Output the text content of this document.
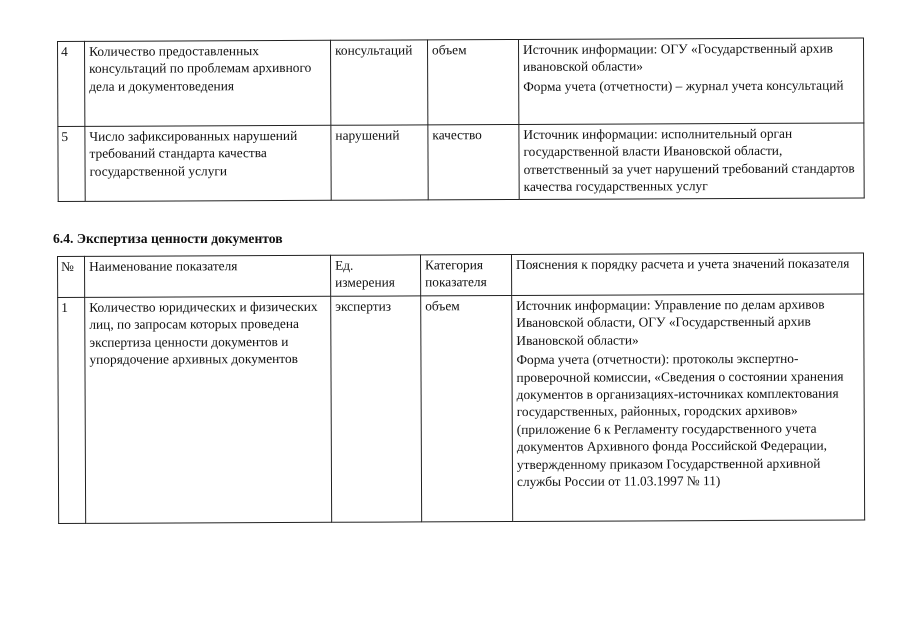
4	Количество предоставленных консультаций по проблемам архивного дела и документоведения	консультаций	объем	Источник информации: ОГУ «Государственный архив ивановской области»
Форма учета (отчетности) – журнал учета консультаций

5	Число зафиксированных нарушений требований стандарта качества государственной услуги	нарушений	качество	Источник информации: исполнительный орган государственной власти Ивановской области, ответственный за учет нарушений требований стандартов качества государственных услуг
6.4. Экспертиза ценности документов
№	Наименование показателя	Ед. измерения	Категория показателя	Пояснения к порядку расчета и учета значений показателя
1	Количество юридических и физических лиц, по запросам которых проведена экспертиза ценности документов и упорядочение архивных документов	экспертиз	объем	Источник информации: Управление по делам архивов Ивановской области, ОГУ «Государственный архив Ивановской области»
Форма учета (отчетности): протоколы экспертно-проверочной комиссии, «Сведения о состоянии хранения документов в организациях-источниках комплектования государственных, районных, городских архивов» (приложение 6 к Регламенту государственного учета документов Архивного фонда Российской Федерации, утвержденному приказом Государственной архивной службы России от 11.03.1997 № 11)
